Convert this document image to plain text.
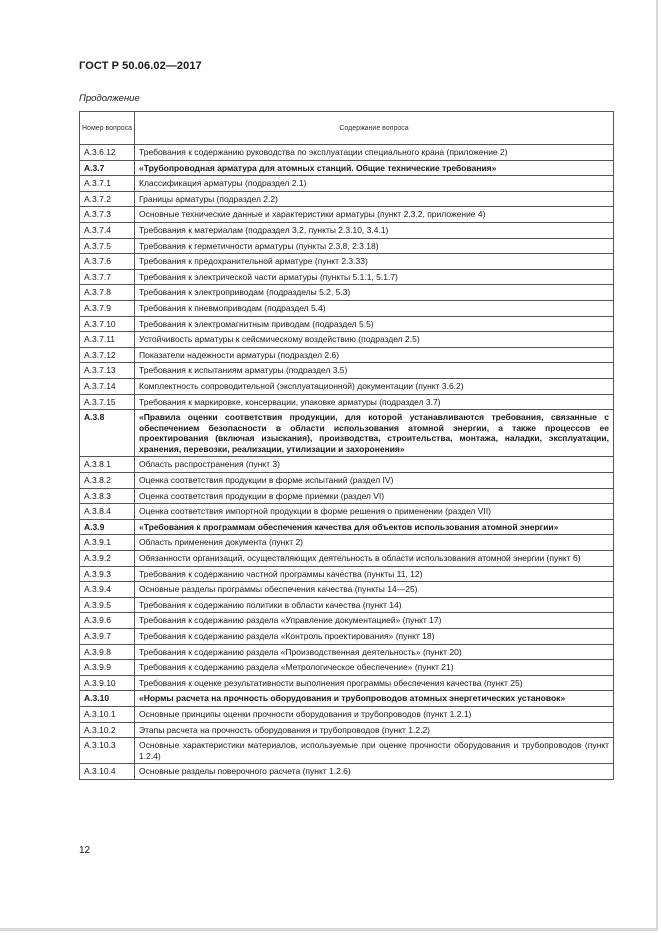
ГОСТ Р 50.06.02—2017
Продолжение
Номер вопроса	Содержание вопроса
А.3.6.12	Требования к содержанию руководства по эксплуатации специального крана (приложение 2)
А.3.7	«Трубопроводная арматура для атомных станций. Общие технические требования»
А.3.7.1	Классификация арматуры (подраздел 2.1)
А.3.7.2	Границы арматуры (подраздел 2.2)
А.3.7.3	Основные технические данные и характеристики арматуры (пункт 2.3.2, приложение 4)
А.3.7.4	Требования к материалам (подраздел 3.2, пункты 2.3.10, 3.4.1)
А.3.7.5	Требования к герметичности арматуры (пункты 2.3.8, 2.3.18)
А.3.7.6	Требования к предохранительной арматуре (пункт 2.3.33)
А.3.7.7	Требования к электрической части арматуры (пункты 5.1.1, 5.1.7)
А.3.7.8	Требования к электроприводам (подразделы 5.2, 5.3)
А.3.7.9	Требования к пневмоприводам (подраздел 5.4)
А.3.7.10	Требования к электромагнитным приводам (подраздел 5.5)
А.3.7.11	Устойчивость арматуры к сейсмическому воздействию (подраздел 2.5)
А.3.7.12	Показатели надежности арматуры (подраздел 2.6)
А.3.7.13	Требования к испытаниям арматуры (подраздел 3.5)
А.3.7.14	Комплектность сопроводительной (эксплуатационной) документации (пункт 3.6.2)
А.3.7.15	Требования к маркировке, консервации, упаковке арматуры (подраздел 3.7)
А.3.8	«Правила оценки соответствия продукции, для которой устанавливаются требования, связанные с обеспечением безопасности в области использования атомной энергии, а также процессов ее проектирования (включая изыскания), производства, строительства, монтажа, наладки, эксплуатации, хранения, перевозки, реализации, утилизации и захоронения»
А.3.8.1	Область распространения (пункт 3)
А.3.8.2	Оценка соответствия продукции в форме испытаний (раздел IV)
А.3.8.3	Оценка соответствия продукции в форме приемки (раздел VI)
А.3.8.4	Оценка соответствия импортной продукции в форме решения о применении (раздел VII)
А.3.9	«Требования к программам обеспечения качества для объектов использования атомной энергии»
А.3.9.1	Область применения документа (пункт 2)
А.3.9.2	Обязанности организаций, осуществляющих деятельность в области использования атомной энергии (пункт 6)
А.3.9.3	Требования к содержанию частной программы качества (пункты 11, 12)
А.3.9.4	Основные разделы программы обеспечения качества (пункты 14—25)
А.3.9.5	Требования к содержанию политики в области качества (пункт 14)
А.3.9.6	Требования к содержанию раздела «Управление документацией» (пункт 17)
А.3.9.7	Требования к содержанию раздела «Контроль проектирования» (пункт 18)
А.3.9.8	Требования к содержанию раздела «Производственная деятельность» (пункт 20)
А.3.9.9	Требования к содержанию раздела «Метрологическое обеспечение» (пункт 21)
А.3.9.10	Требования к оценке результативности выполнения программы обеспечения качества (пункт 25)
А.3.10	«Нормы расчета на прочность оборудования и трубопроводов атомных энергетических установок»
А.3.10.1	Основные принципы оценки прочности оборудования и трубопроводов (пункт 1.2.1)
А.3.10.2	Этапы расчета на прочность оборудования и трубопроводов (пункт 1.2.2)
А.3.10.3	Основные характеристики материалов, используемые при оценке прочности оборудования и трубопроводов (пункт 1.2.4)
А.3.10.4	Основные разделы поверочного расчета (пункт 1.2.6)
12
